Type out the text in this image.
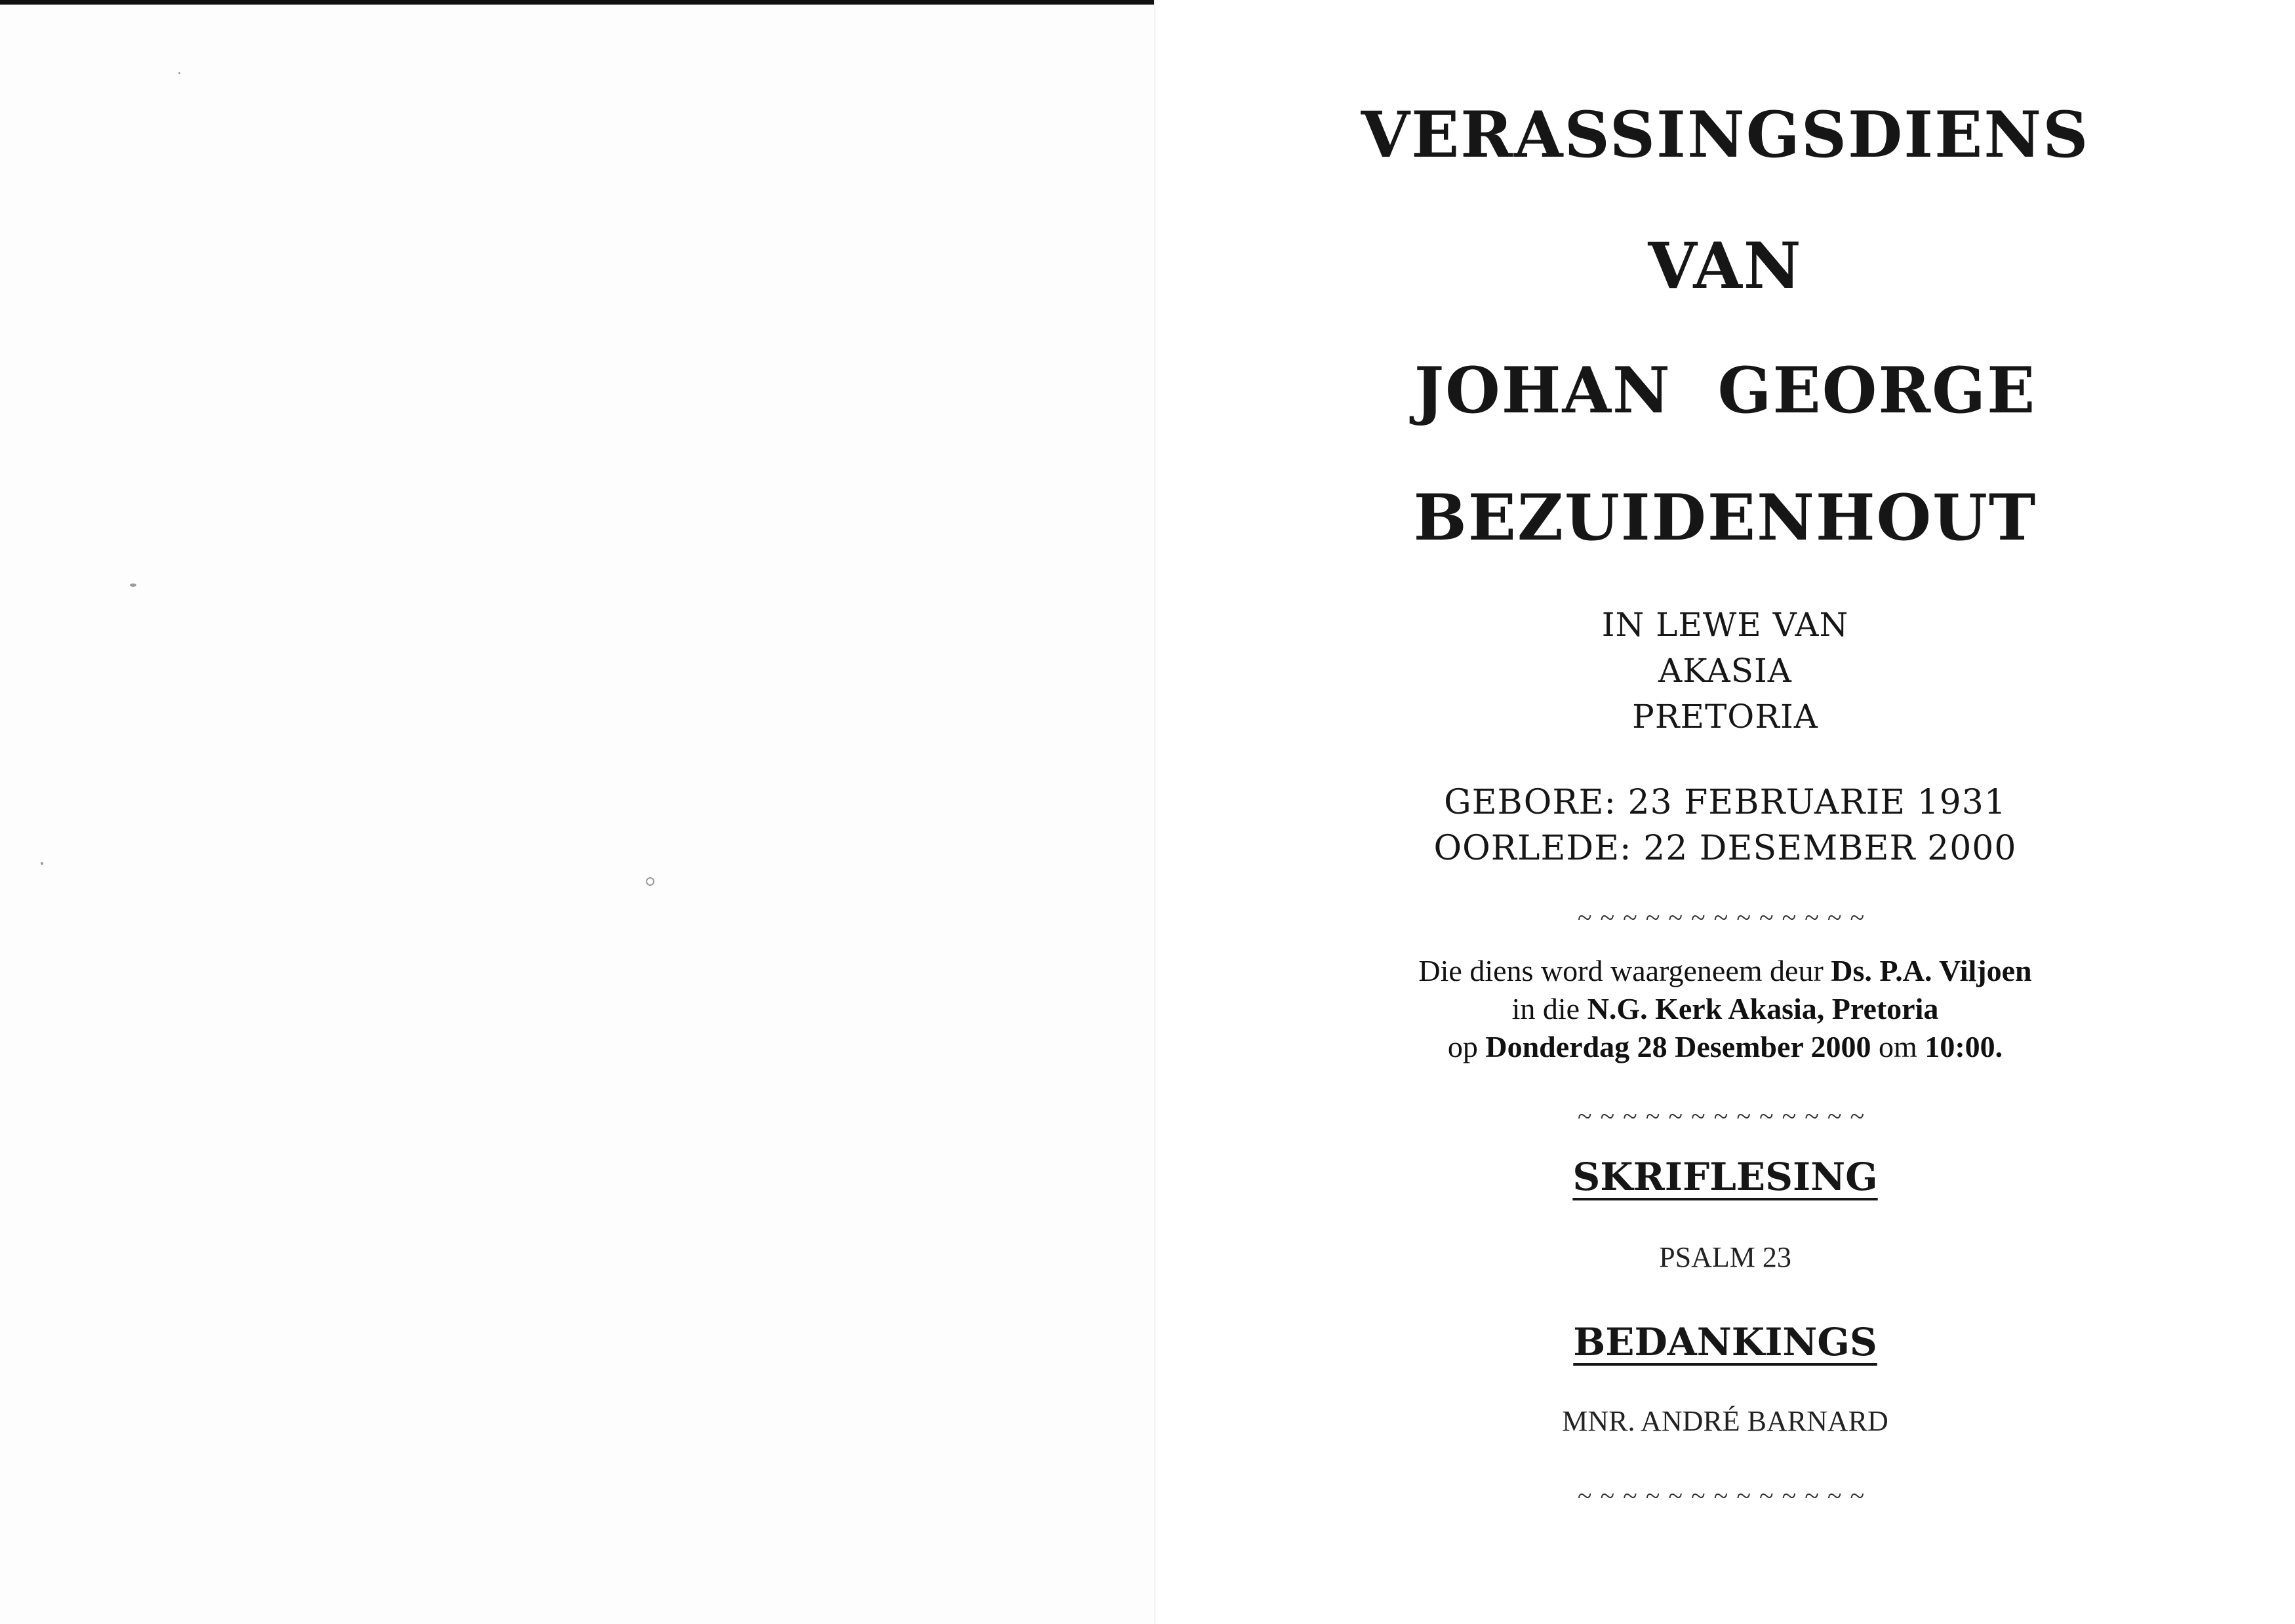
VERASSINGSDIENS

VAN

JOHAN  GEORGE

BEZUIDENHOUT

IN LEWE VAN

AKASIA

PRETORIA

GEBORE: 23 FEBRUARIE 1931

OORLEDE: 22 DESEMBER 2000

~~~~~~~~~~~~~

Die diens word waargeneem deur Ds. P.A. Viljoen
in die N.G. Kerk Akasia, Pretoria
op Donderdag 28 Desember 2000 om 10:00.

~~~~~~~~~~~~~

SKRIFLESING

PSALM 23

BEDANKINGS

MNR. ANDRÉ BARNARD

~~~~~~~~~~~~~
